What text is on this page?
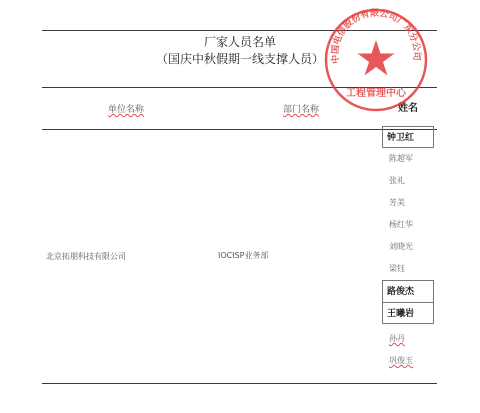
厂家人员名单
（国庆中秋假期一线支撑人员）
单位名称	部门名称	姓名
北京拓朋科技有限公司	IOCISP业务部
钟卫红
陈超军
张礼
芳美
杨红华
刘晓光
梁钰
路俊杰
王曦岩
孙丹
巩俊玉
中国电信股份有限公司广东分公司
工程管理中心
